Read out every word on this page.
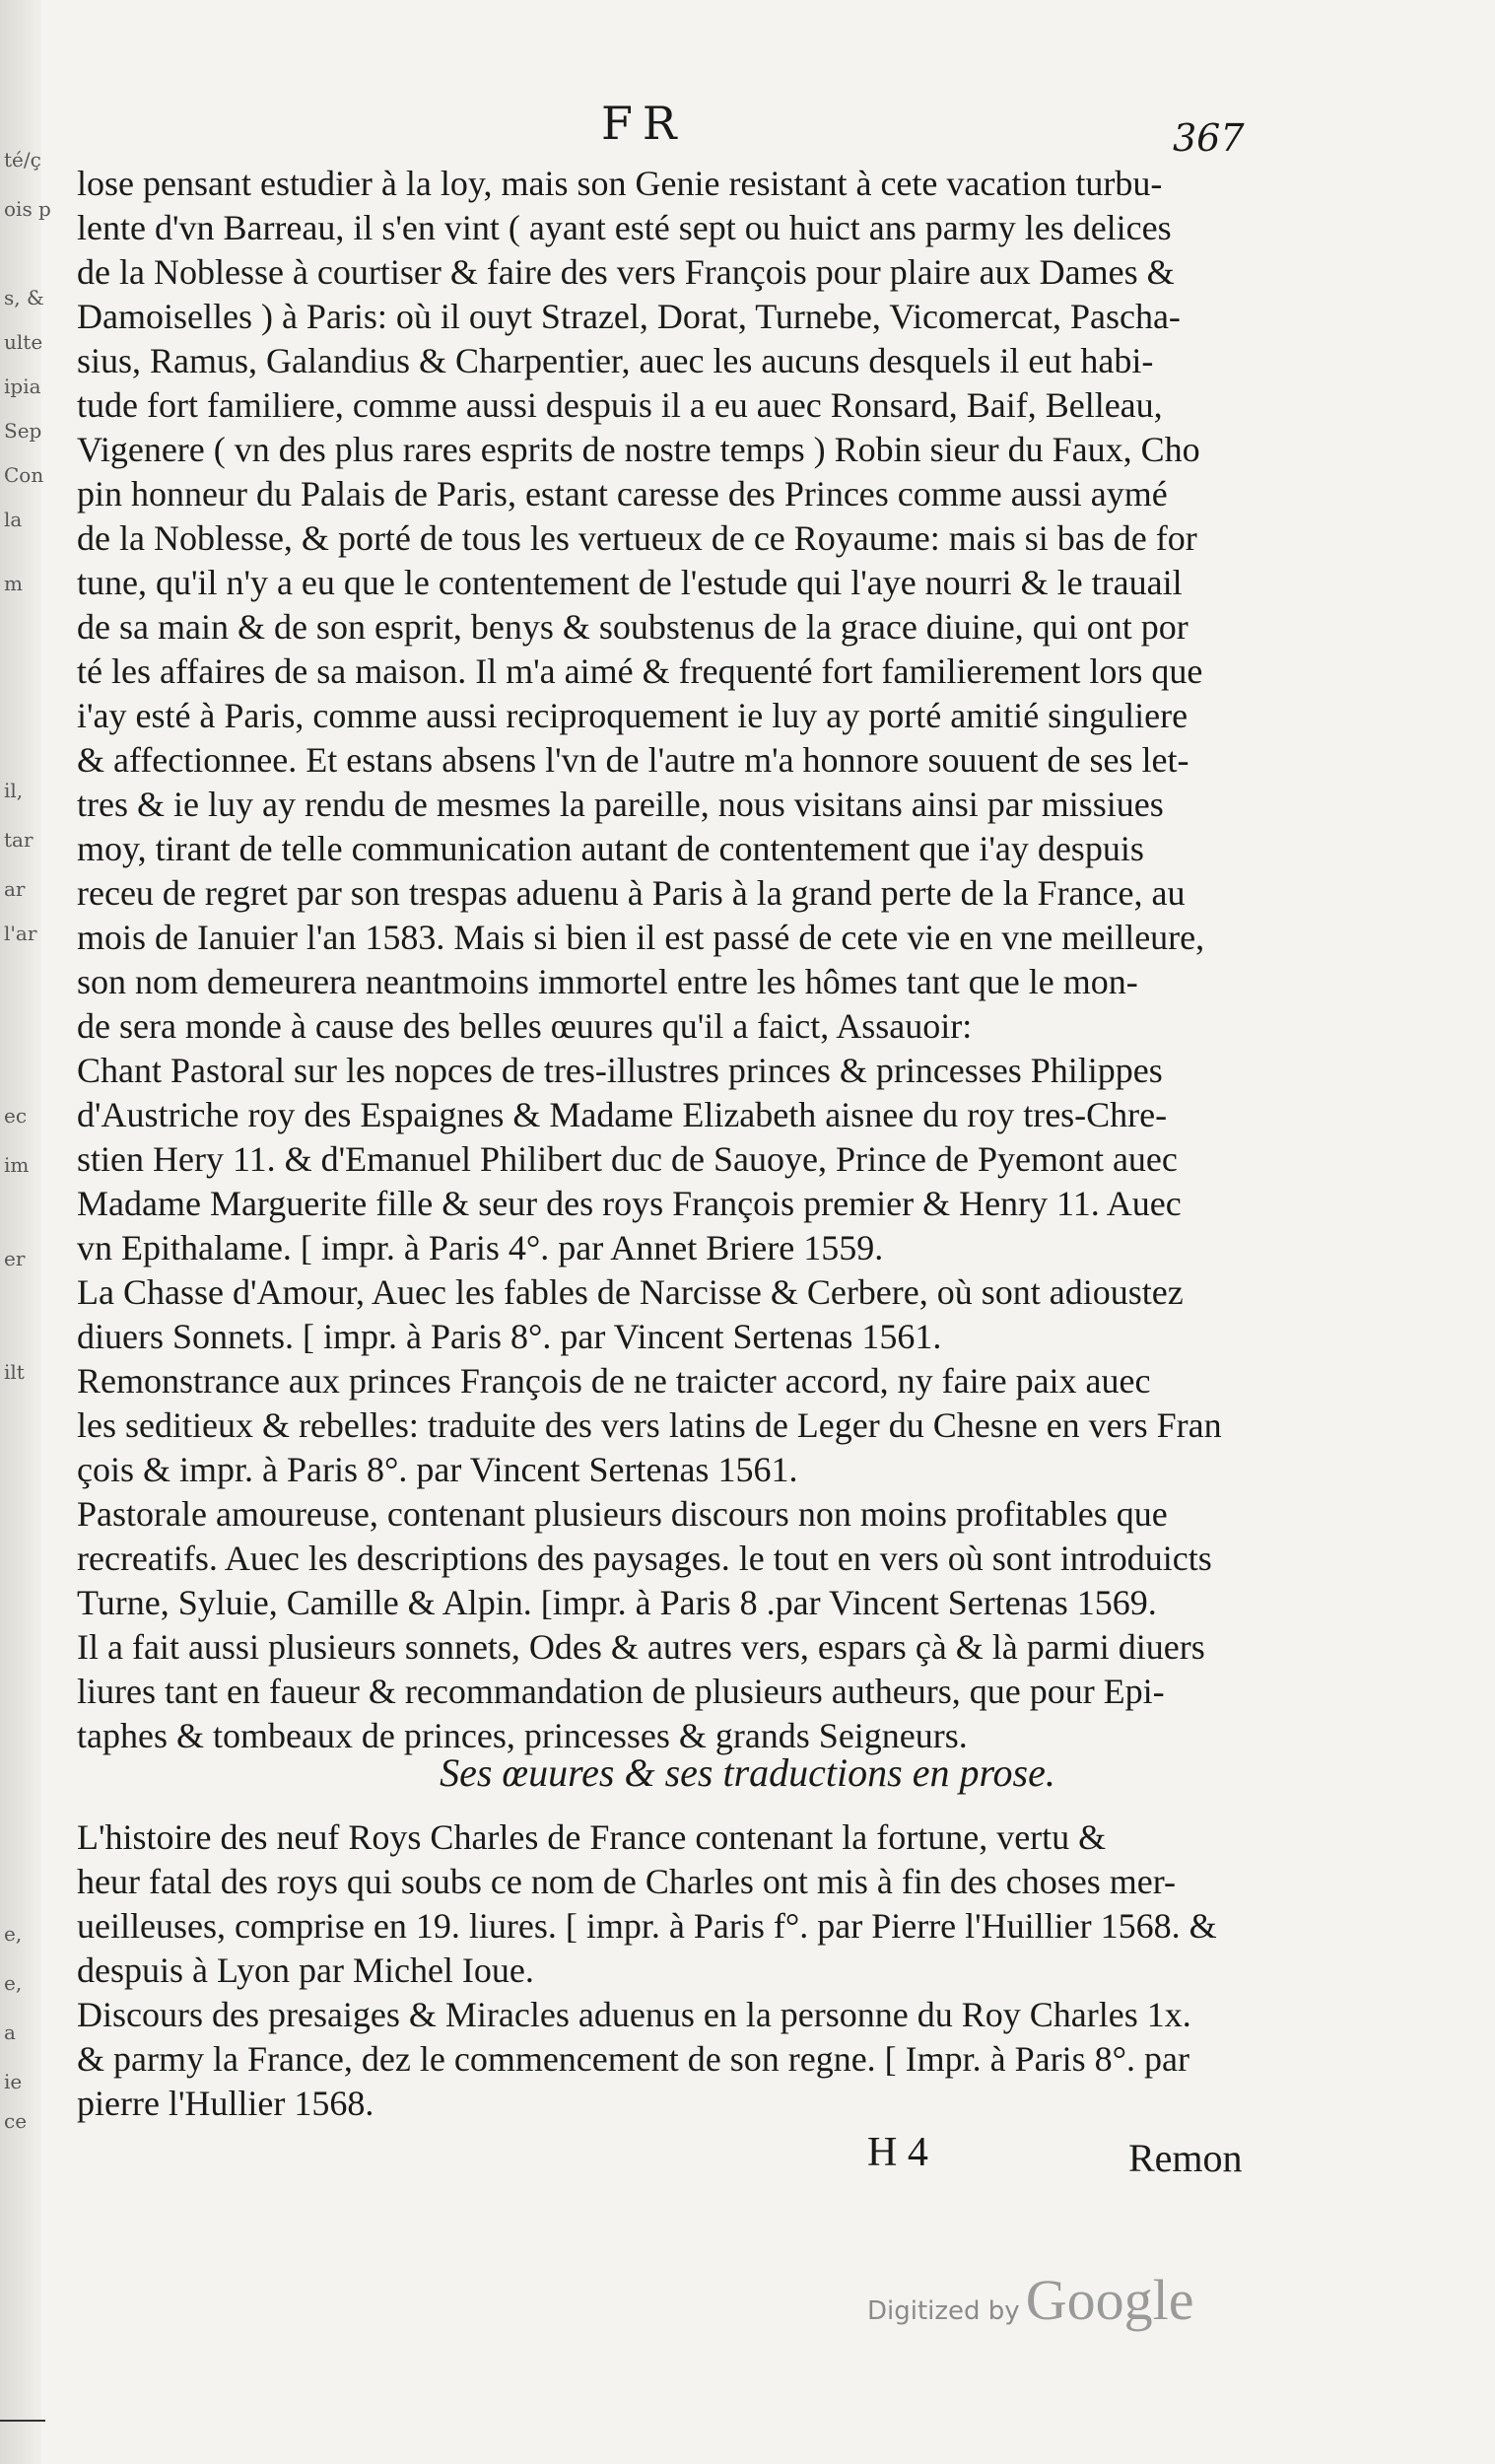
té/ç
ois p
s, &
ulte
ipia
Sep
Con
la
m
il,
tar
ar
l'ar
ec
im
er
ilt
e,
e,
a
ie
ce
FR	367
lose pensant estudier à la loy, mais son Genie resistant à cete vacation turbu-
lente d'vn Barreau, il s'en vint ( ayant esté sept ou huict ans parmy les delices
de la Noblesse à courtiser & faire des vers François pour plaire aux Dames &
Damoiselles ) à Paris: où il ouyt Strazel, Dorat, Turnebe, Vicomercat, Pascha-
sius, Ramus, Galandius & Charpentier, auec les aucuns desquels il eut habi-
tude fort familiere, comme aussi despuis il a eu auec Ronsard, Baif, Belleau,
Vigenere ( vn des plus rares esprits de nostre temps ) Robin sieur du Faux, Cho
pin honneur du Palais de Paris, estant caresse des Princes comme aussi aymé
de la Noblesse, & porté de tous les vertueux de ce Royaume: mais si bas de for
tune, qu'il n'y a eu que le contentement de l'estude qui l'aye nourri & le trauail
de sa main & de son esprit, benys & soubstenus de la grace diuine, qui ont por
té les affaires de sa maison. Il m'a aimé & frequenté fort familierement lors que
i'ay esté à Paris, comme aussi reciproquement ie luy ay porté amitié singuliere
& affectionnee. Et estans absens l'vn de l'autre m'a honnore souuent de ses let-
tres & ie luy ay rendu de mesmes la pareille, nous visitans ainsi par missiues
moy, tirant de telle communication autant de contentement que i'ay despuis
receu de regret par son trespas aduenu à Paris à la grand perte de la France, au
mois de Ianuier l'an 1583. Mais si bien il est passé de cete vie en vne meilleure,
son nom demeurera neantmoins immortel entre les hômes tant que le mon-
de sera monde à cause des belles œuures qu'il a faict, Assauoir:
Chant Pastoral sur les nopces de tres-illustres princes & princesses Philippes
d'Austriche roy des Espaignes & Madame Elizabeth aisnee du roy tres-Chre-
stien Hery 11. & d'Emanuel Philibert duc de Sauoye, Prince de Pyemont auec
Madame Marguerite fille & seur des roys François premier & Henry 11. Auec
vn Epithalame. [ impr. à Paris 4°. par Annet Briere 1559.
La Chasse d'Amour, Auec les fables de Narcisse & Cerbere, où sont adioustez
diuers Sonnets. [ impr. à Paris 8°. par Vincent Sertenas 1561.
Remonstrance aux princes François de ne traicter accord, ny faire paix auec
les seditieux & rebelles: traduite des vers latins de Leger du Chesne en vers Fran
çois & impr. à Paris 8°. par Vincent Sertenas 1561.
Pastorale amoureuse, contenant plusieurs discours non moins profitables que
recreatifs. Auec les descriptions des paysages. le tout en vers où sont introduicts
Turne, Syluie, Camille & Alpin. [impr. à Paris 8 .par Vincent Sertenas 1569.
Il a fait aussi plusieurs sonnets, Odes & autres vers, espars çà & là parmi diuers
liures tant en faueur & recommandation de plusieurs autheurs, que pour Epi-
taphes & tombeaux de princes, princesses & grands Seigneurs.
Ses œuures & ses traductions en prose.
L'histoire des neuf Roys Charles de France contenant la fortune, vertu &
heur fatal des roys qui soubs ce nom de Charles ont mis à fin des choses mer-
ueilleuses, comprise en 19. liures. [ impr. à Paris f°. par Pierre l'Huillier 1568. &
despuis à Lyon par Michel Ioue.
Discours des presaiges & Miracles aduenus en la personne du Roy Charles 1x.
& parmy la France, dez le commencement de son regne. [ Impr. à Paris 8°. par
pierre l'Hullier 1568.
H 4	Remon
Digitized by Google
